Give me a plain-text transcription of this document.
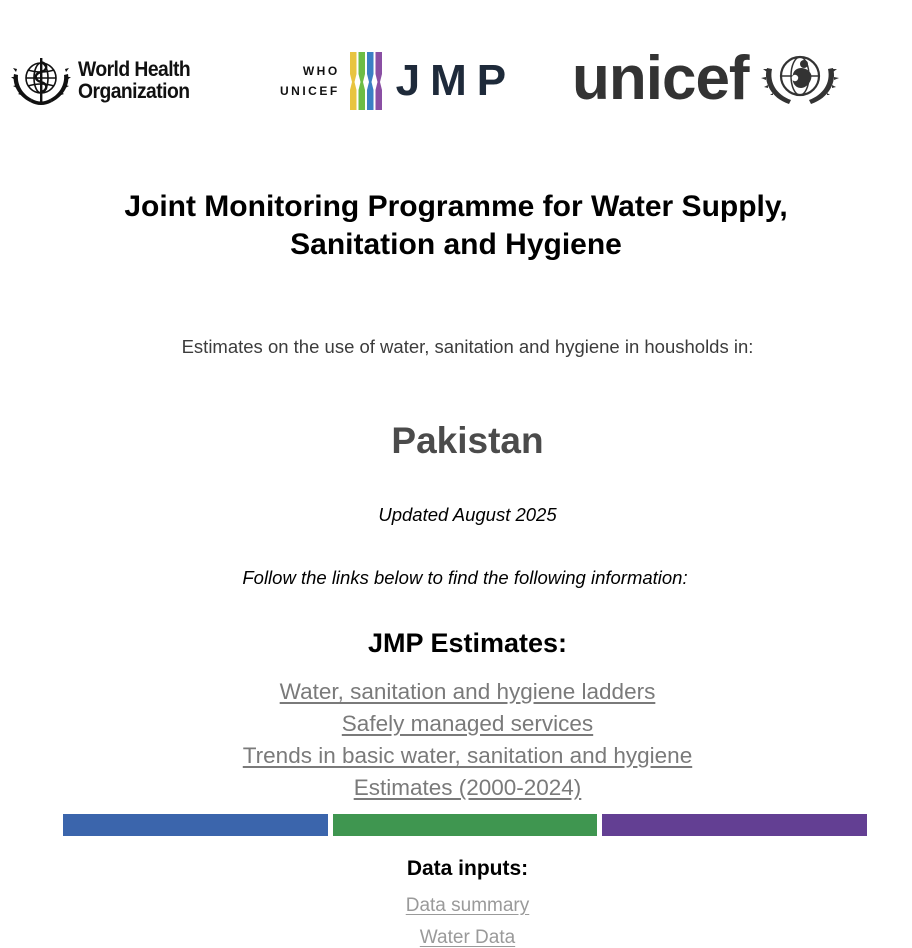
World Health
Organization
WHO
UNICEF JMP unicef
Joint Monitoring Programme for Water Supply,
Sanitation and Hygiene

Estimates on the use of water, sanitation and hygiene in housholds in:

Pakistan

Updated August 2025

Follow the links below to find the following information:

JMP Estimates:
Water, sanitation and hygiene ladders
Safely managed services
Trends in basic water, sanitation and hygiene
Estimates (2000-2024)
Data inputs:
Data summary
Water Data
